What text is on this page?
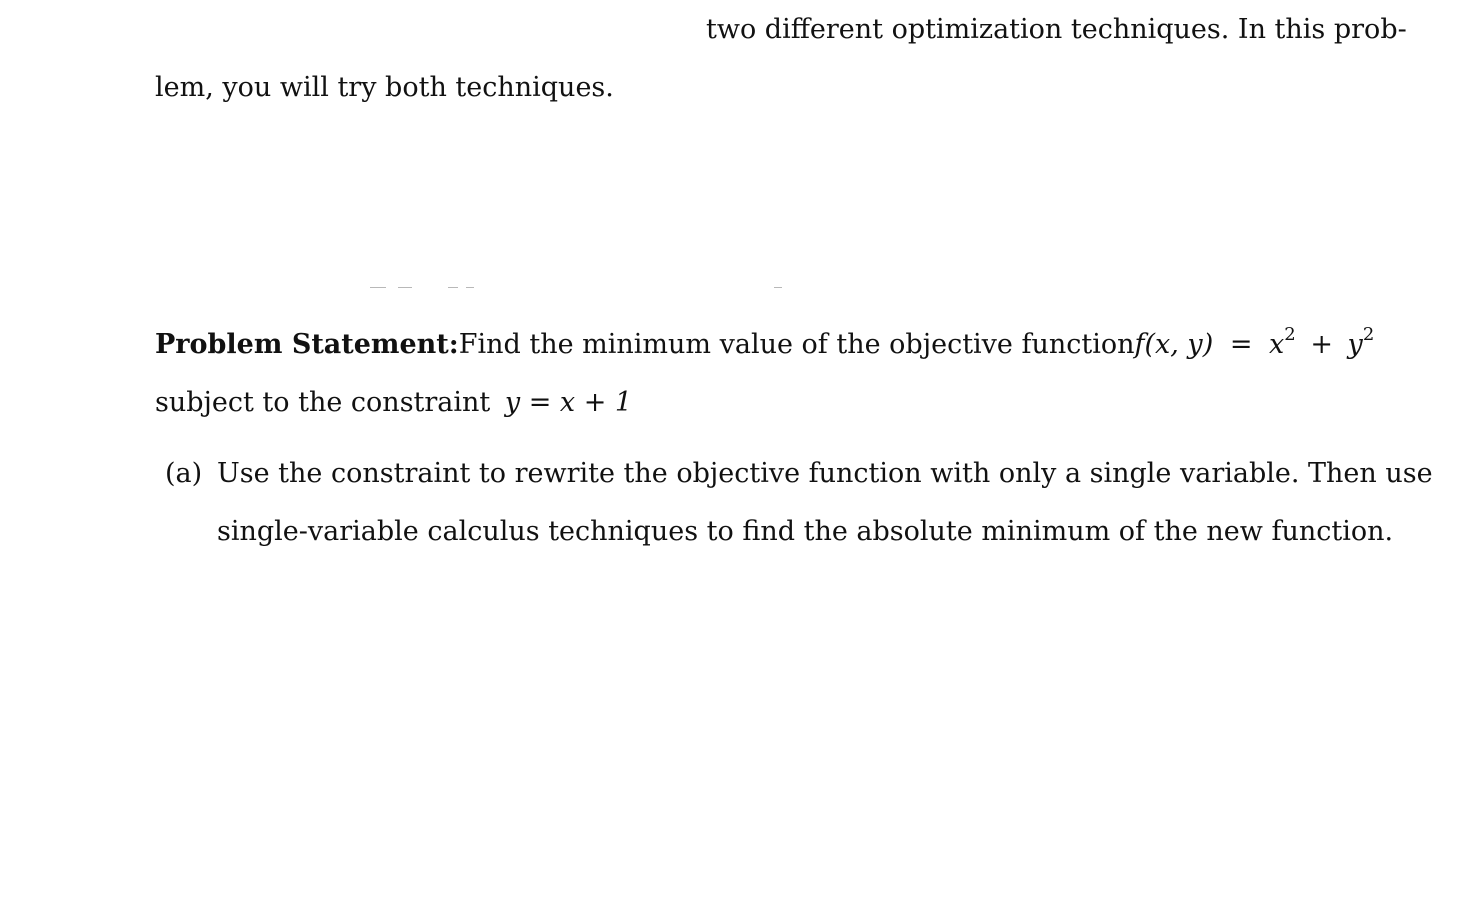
two different optimization techniques. In this prob-
lem, you will try both techniques.
Problem Statement: Find the minimum value of the objective function f(x, $y) = x^2 + y^2$
subject to the constraint y = x + 1
(a) Use the constraint to rewrite the objective function with only a single variable. Then use
single-variable calculus techniques to find the absolute minimum of the new function.
